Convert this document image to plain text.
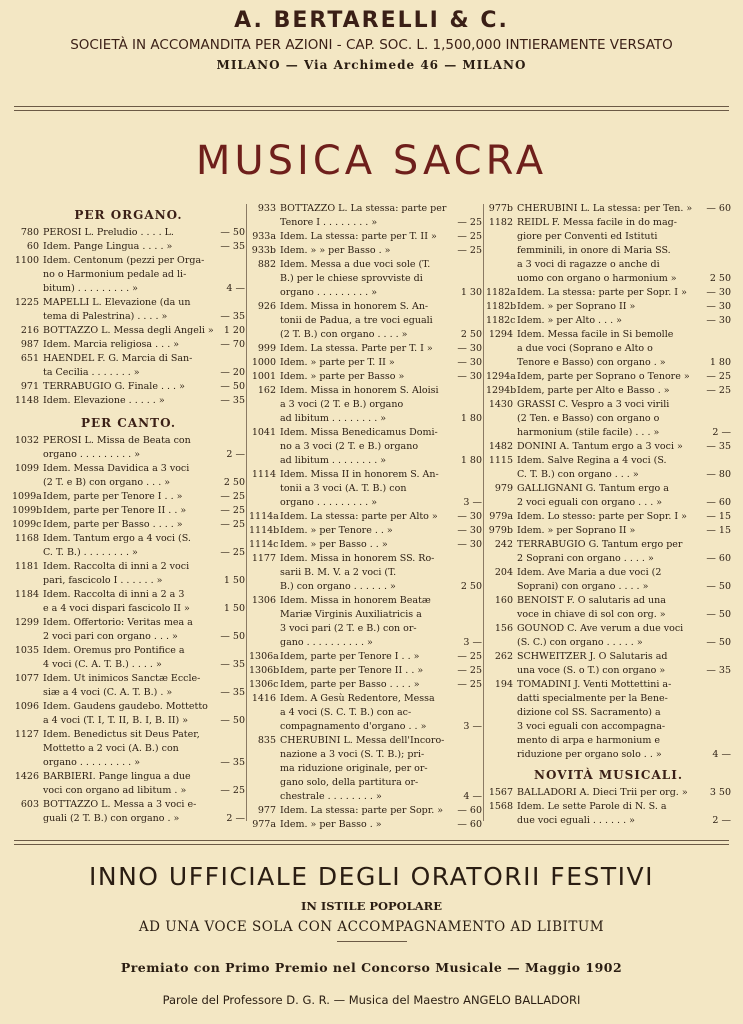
A. BERTARELLI & C.
SOCIETÀ IN ACCOMANDITA PER AZIONI - CAP. SOC. L. 1,500,000 INTIERAMENTE VERSATO
MILANO — Via Archimede 46 — MILANO
MUSICA SACRA
PER ORGANO.
780 PEROSI L. Preludio . . . . L.	— 50
60 Idem. Pange Lingua . . . . »	— 35
1100 Idem. Centonum (pezzi per Orga-
no o Harmonium pedale ad li-
bitum) . . . . . . . . . »	4 —
1225 MAPELLI L. Elevazione (da un
tema di Palestrina) . . . . »	— 35
216 BOTTAZZO L. Messa degli Angeli »	1 20
987 Idem. Marcia religiosa . . . »	— 70
651 HAENDEL F. G. Marcia di San-
ta Cecilia . . . . . . . »	— 20
971 TERRABUGIO G. Finale . . . »	— 50
1148 Idem. Elevazione . . . . . »	— 35
PER CANTO.
1032 PEROSI L. Missa de Beata con
organo . . . . . . . . . »	2 —
1099 Idem. Messa Davidica a 3 voci
(2 T. e B) con organo . . . »	2 50
1099a Idem, parte per Tenore I . . »	— 25
1099b Idem, parte per Tenore II . . »	— 25
1099c Idem, parte per Basso . . . . »	— 25
1168 Idem. Tantum ergo a 4 voci (S.
C. T. B.) . . . . . . . . »	— 25
1181 Idem. Raccolta di inni a 2 voci
pari, fascicolo I . . . . . . »	1 50
1184 Idem. Raccolta di inni a 2 a 3
e a 4 voci dispari fascicolo II »	1 50
1299 Idem. Offertorio: Veritas mea a
2 voci pari con organo . . . »	— 50
1035 Idem. Oremus pro Pontifice a
4 voci (C. A. T. B.) . . . . »	— 35
1077 Idem. Ut inimicos Sanctæ Eccle-
siæ a 4 voci (C. A. T. B.) . »	— 35
1096 Idem. Gaudens gaudebo. Mottetto
a 4 voci (T. I, T. II, B. I, B. II) »	— 50
1127 Idem. Benedictus sit Deus Pater,
Mottetto a 2 voci (A. B.) con
organo . . . . . . . . . »	— 35
1426 BARBIERI. Pange lingua a due
voci con organo ad libitum . »	— 25
603 BOTTAZZO L. Messa a 3 voci e-
guali (2 T. B.) con organo . »	2 —
933 BOTTAZZO L. La stessa: parte per
Tenore I . . . . . . . . »	— 25
933a Idem. La stessa: parte per T. II »	— 25
933b Idem. » » per Basso . »	— 25
882 Idem. Messa a due voci sole (T.
B.) per le chiese sprovviste di
organo . . . . . . . . . »	1 30
926 Idem. Missa in honorem S. An-
tonii de Padua, a tre voci eguali
(2 T. B.) con organo . . . . »	2 50
999 Idem. La stessa. Parte per T. I »	— 30
1000 Idem. » parte per T. II »	— 30
1001 Idem. » parte per Basso »	— 30
162 Idem. Missa in honorem S. Aloisi
a 3 voci (2 T. e B.) organo
ad libitum . . . . . . . . »	1 80
1041 Idem. Missa Benedicamus Domi-
no a 3 voci (2 T. e B.) organo
ad libitum . . . . . . . . »	1 80
1114 Idem. Missa II in honorem S. An-
tonii a 3 voci (A. T. B.) con
organo . . . . . . . . . »	3 —
1114a Idem. La stessa: parte per Alto »	— 30
1114b Idem. » per Tenore . . »	— 30
1114c Idem. » per Basso . . »	— 30
1177 Idem. Missa in honorem SS. Ro-
sarii B. M. V. a 2 voci (T.
B.) con organo . . . . . . »	2 50
1306 Idem. Missa in honorem Beatæ
Mariæ Virginis Auxiliatricis a
3 voci pari (2 T. e B.) con or-
gano . . . . . . . . . . »	3 —
1306a Idem, parte per Tenore I . . »	— 25
1306b Idem, parte per Tenore II . . »	— 25
1306c Idem, parte per Basso . . . . »	— 25
1416 Idem. A Gesù Redentore, Messa
a 4 voci (S. C. T. B.) con ac-
compagnamento d'organo . . »	3 —
835 CHERUBINI L. Messa dell'Incoro-
nazione a 3 voci (S. T. B.); pri-
ma riduzione originale, per or-
gano solo, della partitura or-
chestrale . . . . . . . . »	4 —
977 Idem. La stessa: parte per Sopr. »	— 60
977a Idem. » per Basso . »	— 60
977b CHERUBINI L. La stessa: per Ten. »	— 60
1182 REIDL F. Messa facile in do mag-
giore per Conventi ed Istituti
femminili, in onore di Maria SS.
a 3 voci di ragazze o anche di
uomo con organo o harmonium »	2 50
1182a Idem. La stessa: parte per Sopr. I »	— 30
1182b Idem. » per Soprano II »	— 30
1182c Idem. » per Alto . . . »	— 30
1294 Idem. Messa facile in Si bemolle
a due voci (Soprano e Alto o
Tenore e Basso) con organo . »	1 80
1294a Idem, parte per Soprano o Tenore »	— 25
1294b Idem, parte per Alto e Basso . »	— 25
1430 GRASSI C. Vespro a 3 voci virili
(2 Ten. e Basso) con organo o
harmonium (stile facile) . . . »	2 —
1482 DONINI A. Tantum ergo a 3 voci »	— 35
1115 Idem. Salve Regina a 4 voci (S.
C. T. B.) con organo . . . »	— 80
979 GALLIGNANI G. Tantum ergo a
2 voci eguali con organo . . . »	— 60
979a Idem. Lo stesso: parte per Sopr. I »	— 15
979b Idem. » per Soprano II »	— 15
242 TERRABUGIO G. Tantum ergo per
2 Soprani con organo . . . . »	— 60
204 Idem. Ave Maria a due voci (2
Soprani) con organo . . . . »	— 50
160 BENOIST F. O salutaris ad una
voce in chiave di sol con org. »	— 50
156 GOUNOD C. Ave verum a due voci
(S. C.) con organo . . . . . »	— 50
262 SCHWEITZER J. O Salutaris ad
una voce (S. o T.) con organo »	— 35
194 TOMADINI J. Venti Mottettini a-
datti specialmente per la Bene-
dizione col SS. Sacramento) a
3 voci eguali con accompagna-
mento di arpa e harmonium e
riduzione per organo solo . . »	4 —
NOVITÀ MUSICALI.
1567 BALLADORI A. Dieci Trii per org. »	3 50
1568 Idem. Le sette Parole di N. S. a
due voci eguali . . . . . . »	2 —
INNO UFFICIALE DEGLI ORATORII FESTIVI
IN ISTILE POPOLARE
AD UNA VOCE SOLA CON ACCOMPAGNAMENTO AD LIBITUM
Premiato con Primo Premio nel Concorso Musicale — Maggio 1902
Parole del Professore D. G. R. — Musica del Maestro ANGELO BALLADORI
